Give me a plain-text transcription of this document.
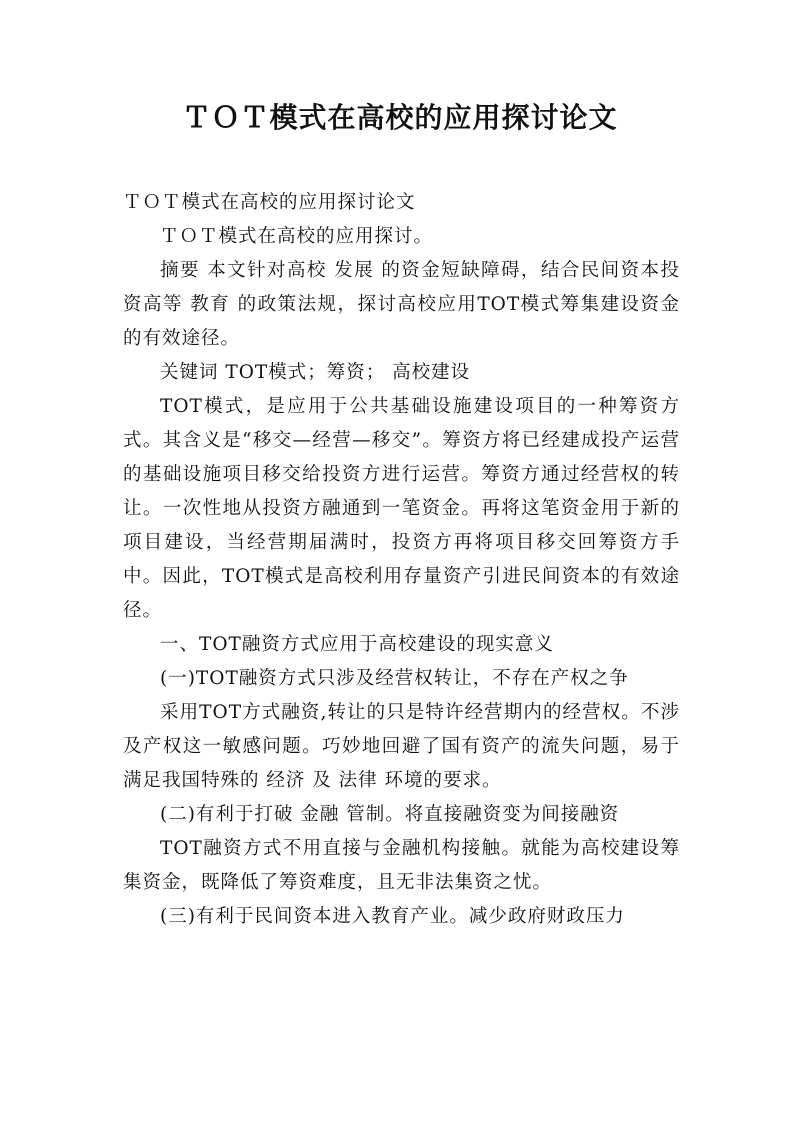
ＴＯＴ模式在高校的应用探讨论文

ＴＯＴ模式在高校的应用探讨论文

ＴＯＴ模式在高校的应用探讨。

摘要 本文针对高校 发展 的资金短缺障碍，结合民间资本投资高等 教育 的政策法规，探讨高校应用TOT模式筹集建设资金的有效途径。

关键词 TOT模式；筹资； 高校建设

TOT模式，是应用于公共基础设施建设项目的一种筹资方式。其含义是“移交—经营—移交”。筹资方将已经建成投产运营的基础设施项目移交给投资方进行运营。筹资方通过经营权的转让。一次性地从投资方融通到一笔资金。再将这笔资金用于新的项目建设，当经营期届满时，投资方再将项目移交回筹资方手中。因此，TOT模式是高校利用存量资产引进民间资本的有效途径。

一、TOT融资方式应用于高校建设的现实意义

(一)TOT融资方式只涉及经营权转让，不存在产权之争

采用TOT方式融资,转让的只是特许经营期内的经营权。不涉及产权这一敏感问题。巧妙地回避了国有资产的流失问题，易于满足我国特殊的 经济 及 法律 环境的要求。

(二)有利于打破 金融 管制。将直接融资变为间接融资

TOT融资方式不用直接与金融机构接触。就能为高校建设筹集资金，既降低了筹资难度，且无非法集资之忧。

(三)有利于民间资本进入教育产业。减少政府财政压力
